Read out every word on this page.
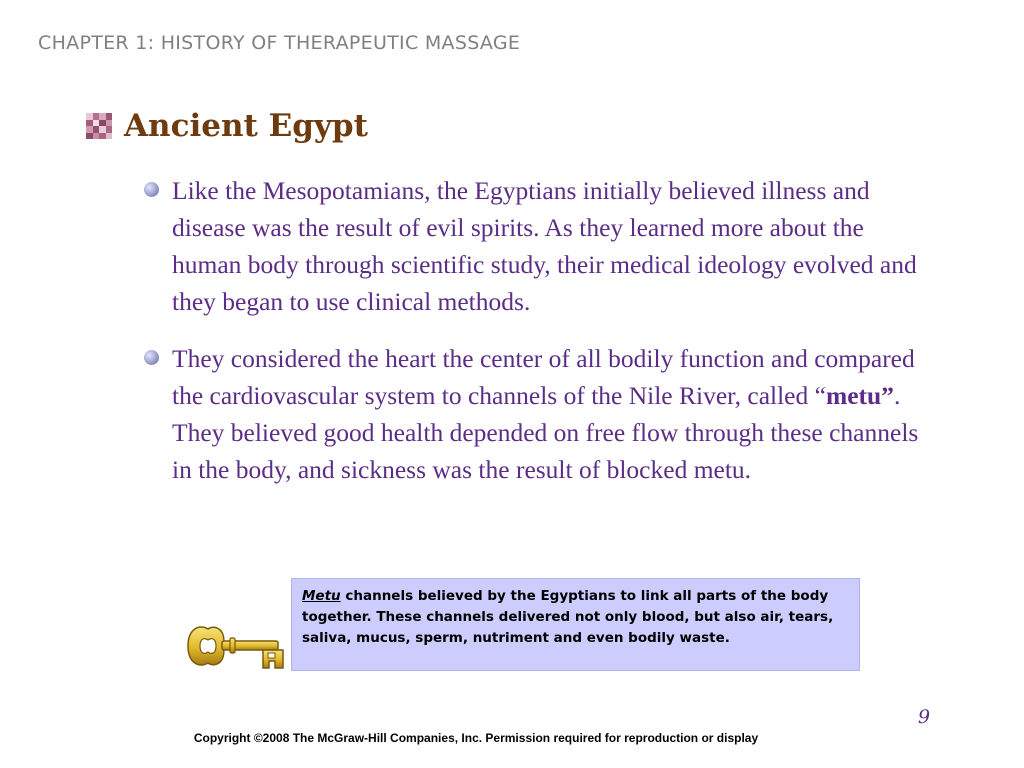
CHAPTER 1: HISTORY OF THERAPEUTIC MASSAGE
Ancient Egypt
Like the Mesopotamians, the Egyptians initially believed illness and disease was the result of evil spirits. As they learned more about the human body through scientific study, their medical ideology evolved and they began to use clinical methods.
They considered the heart the center of all bodily function and compared the cardiovascular system to channels of the Nile River, called “metu”. They believed good health depended on free flow through these channels in the body, and sickness was the result of blocked metu.
Metu channels believed by the Egyptians to link all parts of the body together. These channels delivered not only blood, but also air, tears, saliva, mucus, sperm, nutriment and even bodily waste.
9
Copyright ©2008 The McGraw-Hill Companies, Inc. Permission required for reproduction or display
